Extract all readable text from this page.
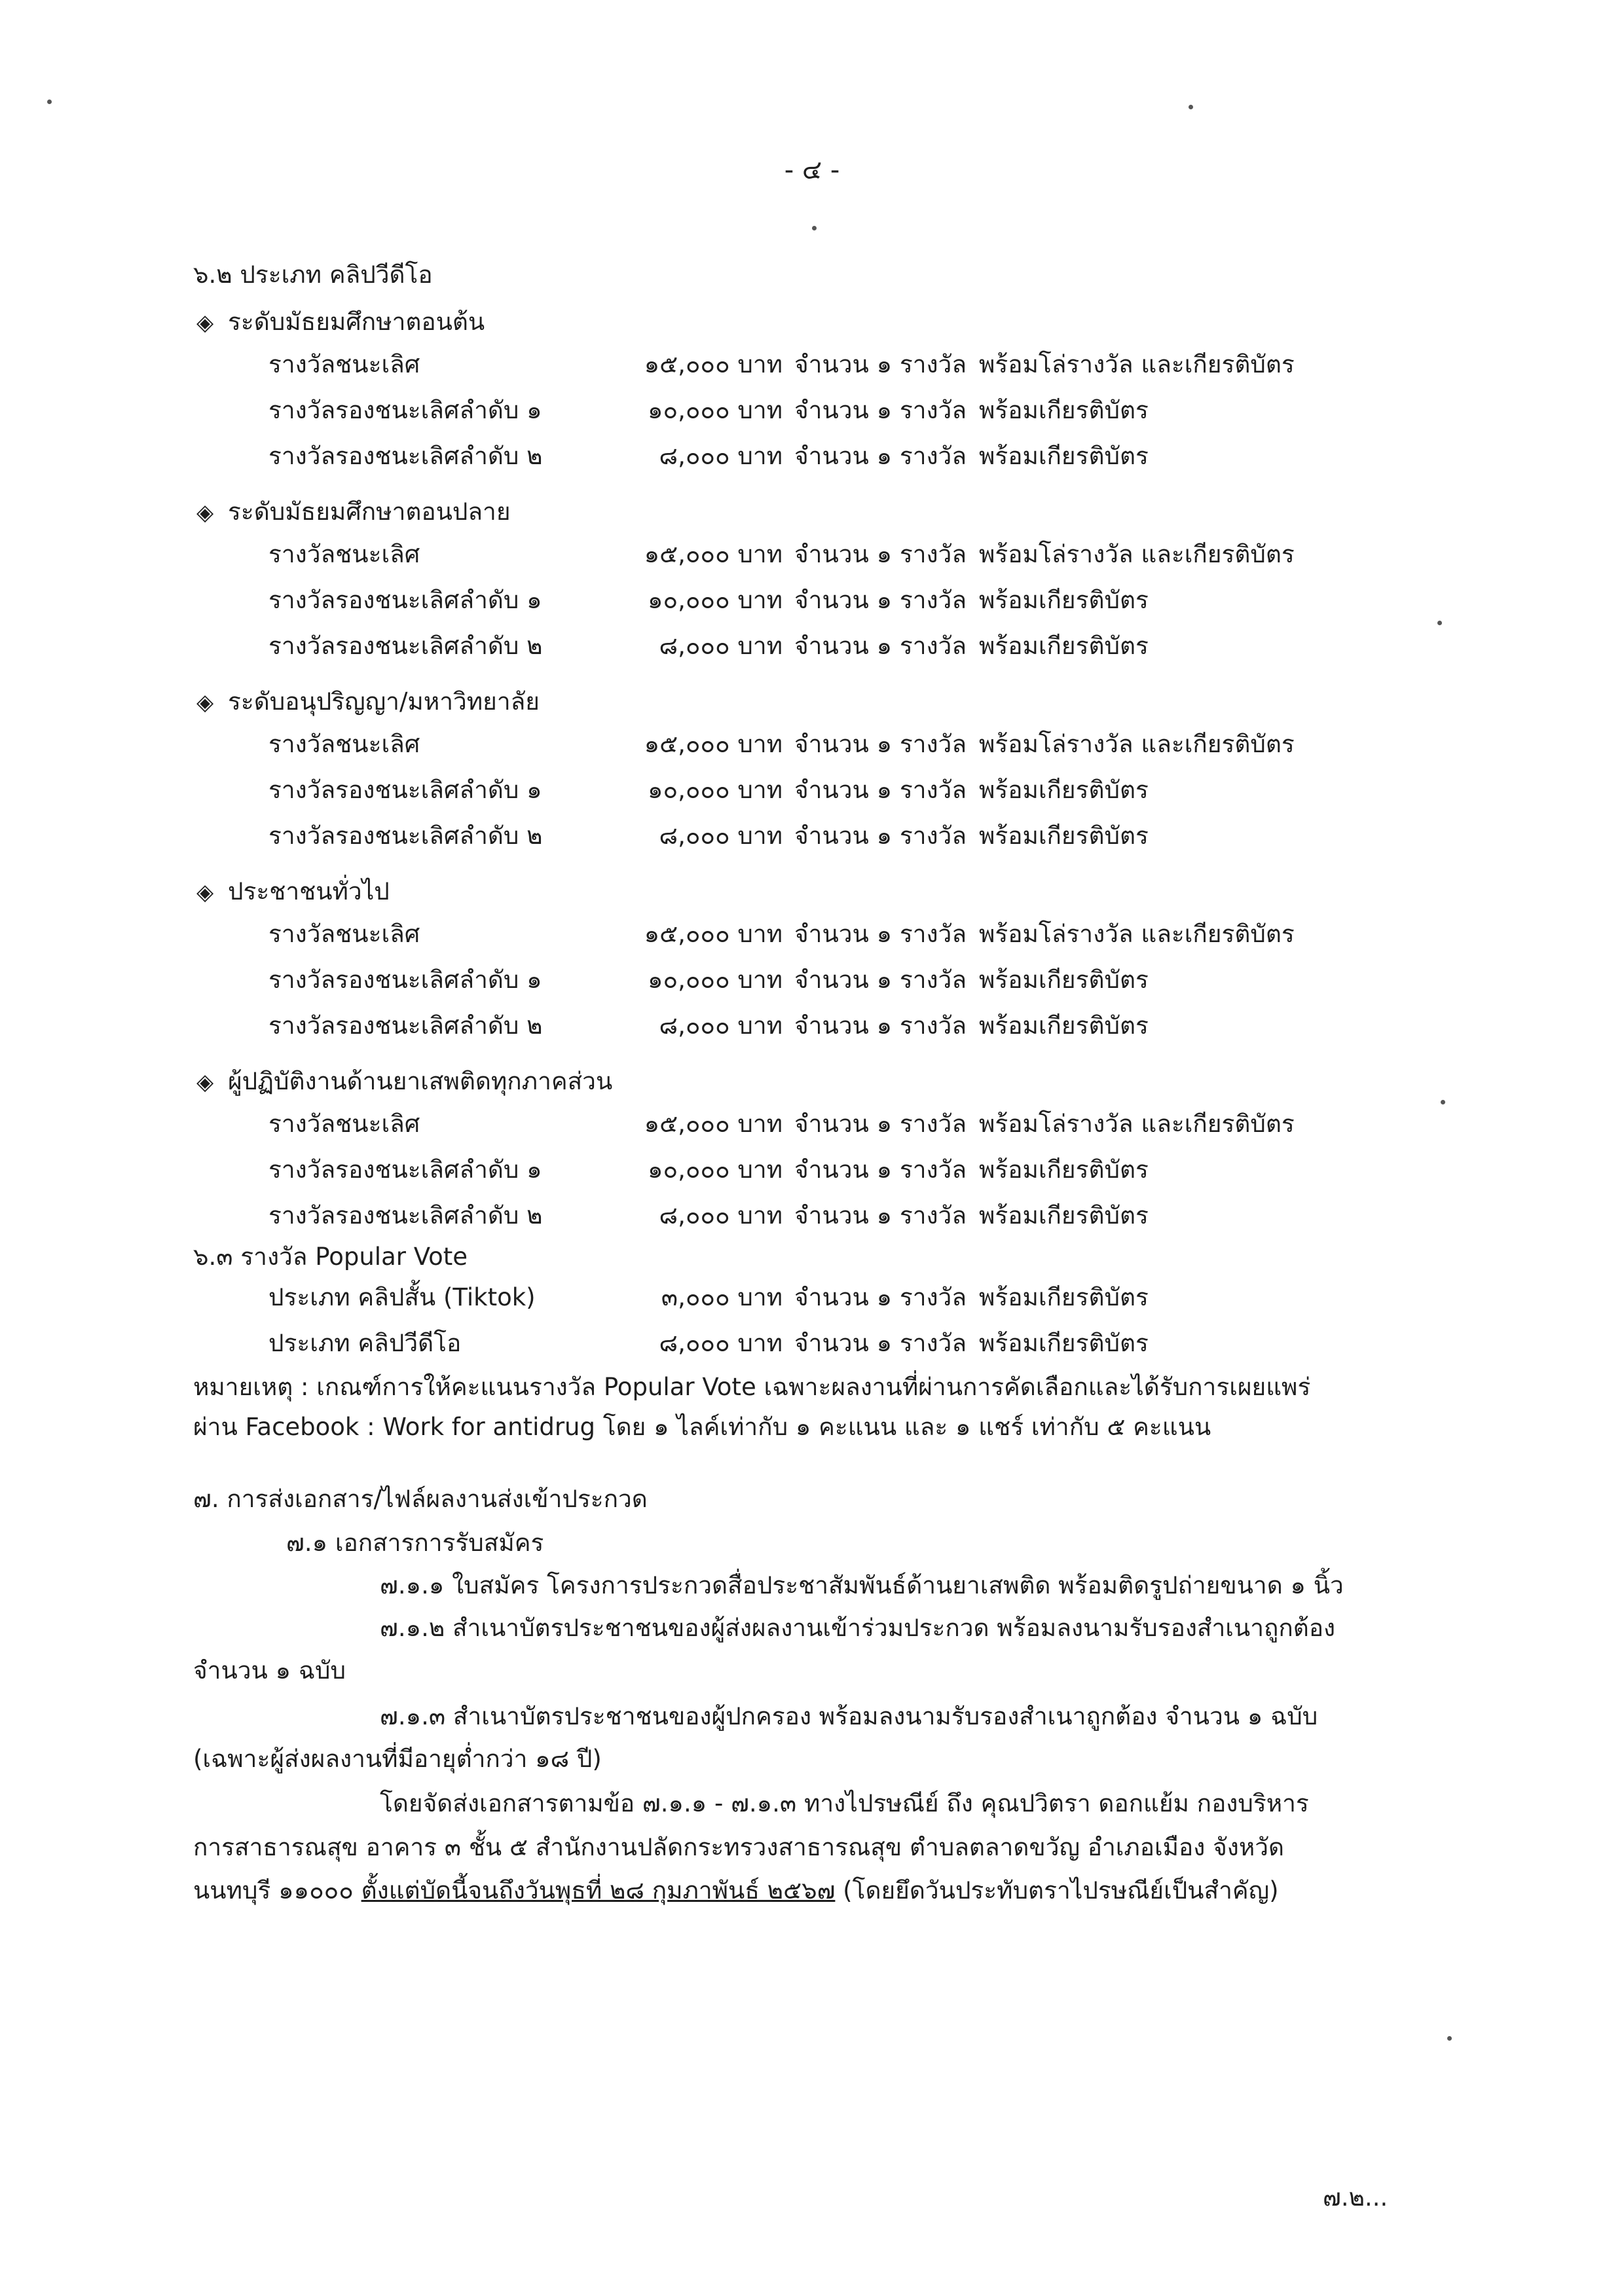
- ๔ -
๖.๒ ประเภท คลิปวีดีโอ
◈ ระดับมัธยมศึกษาตอนต้น
รางวัลชนะเลิศ	๑๕,๐๐๐ บาท จำนวน ๑ รางวัล พร้อมโล่รางวัล และเกียรติบัตร
รางวัลรองชนะเลิศลำดับ ๑	๑๐,๐๐๐ บาท จำนวน ๑ รางวัล พร้อมเกียรติบัตร
รางวัลรองชนะเลิศลำดับ ๒	๘,๐๐๐ บาท จำนวน ๑ รางวัล พร้อมเกียรติบัตร
◈ ระดับมัธยมศึกษาตอนปลาย
รางวัลชนะเลิศ	๑๕,๐๐๐ บาท จำนวน ๑ รางวัล พร้อมโล่รางวัล และเกียรติบัตร
รางวัลรองชนะเลิศลำดับ ๑	๑๐,๐๐๐ บาท จำนวน ๑ รางวัล พร้อมเกียรติบัตร
รางวัลรองชนะเลิศลำดับ ๒	๘,๐๐๐ บาท จำนวน ๑ รางวัล พร้อมเกียรติบัตร
◈ ระดับอนุปริญญา/มหาวิทยาลัย
รางวัลชนะเลิศ	๑๕,๐๐๐ บาท จำนวน ๑ รางวัล พร้อมโล่รางวัล และเกียรติบัตร
รางวัลรองชนะเลิศลำดับ ๑	๑๐,๐๐๐ บาท จำนวน ๑ รางวัล พร้อมเกียรติบัตร
รางวัลรองชนะเลิศลำดับ ๒	๘,๐๐๐ บาท จำนวน ๑ รางวัล พร้อมเกียรติบัตร
◈ ประชาชนทั่วไป
รางวัลชนะเลิศ	๑๕,๐๐๐ บาท จำนวน ๑ รางวัล พร้อมโล่รางวัล และเกียรติบัตร
รางวัลรองชนะเลิศลำดับ ๑	๑๐,๐๐๐ บาท จำนวน ๑ รางวัล พร้อมเกียรติบัตร
รางวัลรองชนะเลิศลำดับ ๒	๘,๐๐๐ บาท จำนวน ๑ รางวัล พร้อมเกียรติบัตร
◈ ผู้ปฏิบัติงานด้านยาเสพติดทุกภาคส่วน
รางวัลชนะเลิศ	๑๕,๐๐๐ บาท จำนวน ๑ รางวัล พร้อมโล่รางวัล และเกียรติบัตร
รางวัลรองชนะเลิศลำดับ ๑	๑๐,๐๐๐ บาท จำนวน ๑ รางวัล พร้อมเกียรติบัตร
รางวัลรองชนะเลิศลำดับ ๒	๘,๐๐๐ บาท จำนวน ๑ รางวัล พร้อมเกียรติบัตร
๖.๓ รางวัล Popular Vote
ประเภท คลิปสั้น (Tiktok)	๓,๐๐๐ บาท จำนวน ๑ รางวัล พร้อมเกียรติบัตร
ประเภท คลิปวีดีโอ	๘,๐๐๐ บาท จำนวน ๑ รางวัล พร้อมเกียรติบัตร
หมายเหตุ : เกณฑ์การให้คะแนนรางวัล Popular Vote เฉพาะผลงานที่ผ่านการคัดเลือกและได้รับการเผยแพร่
ผ่าน Facebook : Work for antidrug โดย ๑ ไลค์เท่ากับ ๑ คะแนน และ ๑ แชร์ เท่ากับ ๕ คะแนน
๗. การส่งเอกสาร/ไฟล์ผลงานส่งเข้าประกวด
๗.๑ เอกสารการรับสมัคร
๗.๑.๑ ใบสมัคร โครงการประกวดสื่อประชาสัมพันธ์ด้านยาเสพติด พร้อมติดรูปถ่ายขนาด ๑ นิ้ว
๗.๑.๒ สำเนาบัตรประชาชนของผู้ส่งผลงานเข้าร่วมประกวด พร้อมลงนามรับรองสำเนาถูกต้อง
จำนวน ๑ ฉบับ
๗.๑.๓ สำเนาบัตรประชาชนของผู้ปกครอง พร้อมลงนามรับรองสำเนาถูกต้อง จำนวน ๑ ฉบับ
(เฉพาะผู้ส่งผลงานที่มีอายุต่ำกว่า ๑๘ ปี)
โดยจัดส่งเอกสารตามข้อ ๗.๑.๑ - ๗.๑.๓ ทางไปรษณีย์ ถึง คุณปวิตรา ดอกแย้ม กองบริหาร
การสาธารณสุข อาคาร ๓ ชั้น ๕ สำนักงานปลัดกระทรวงสาธารณสุข ตำบลตลาดขวัญ อำเภอเมือง จังหวัด
นนทบุรี ๑๑๐๐๐ ตั้งแต่บัดนี้จนถึงวันพุธที่ ๒๘ กุมภาพันธ์ ๒๕๖๗ (โดยยึดวันประทับตราไปรษณีย์เป็นสำคัญ)
๗.๒...
